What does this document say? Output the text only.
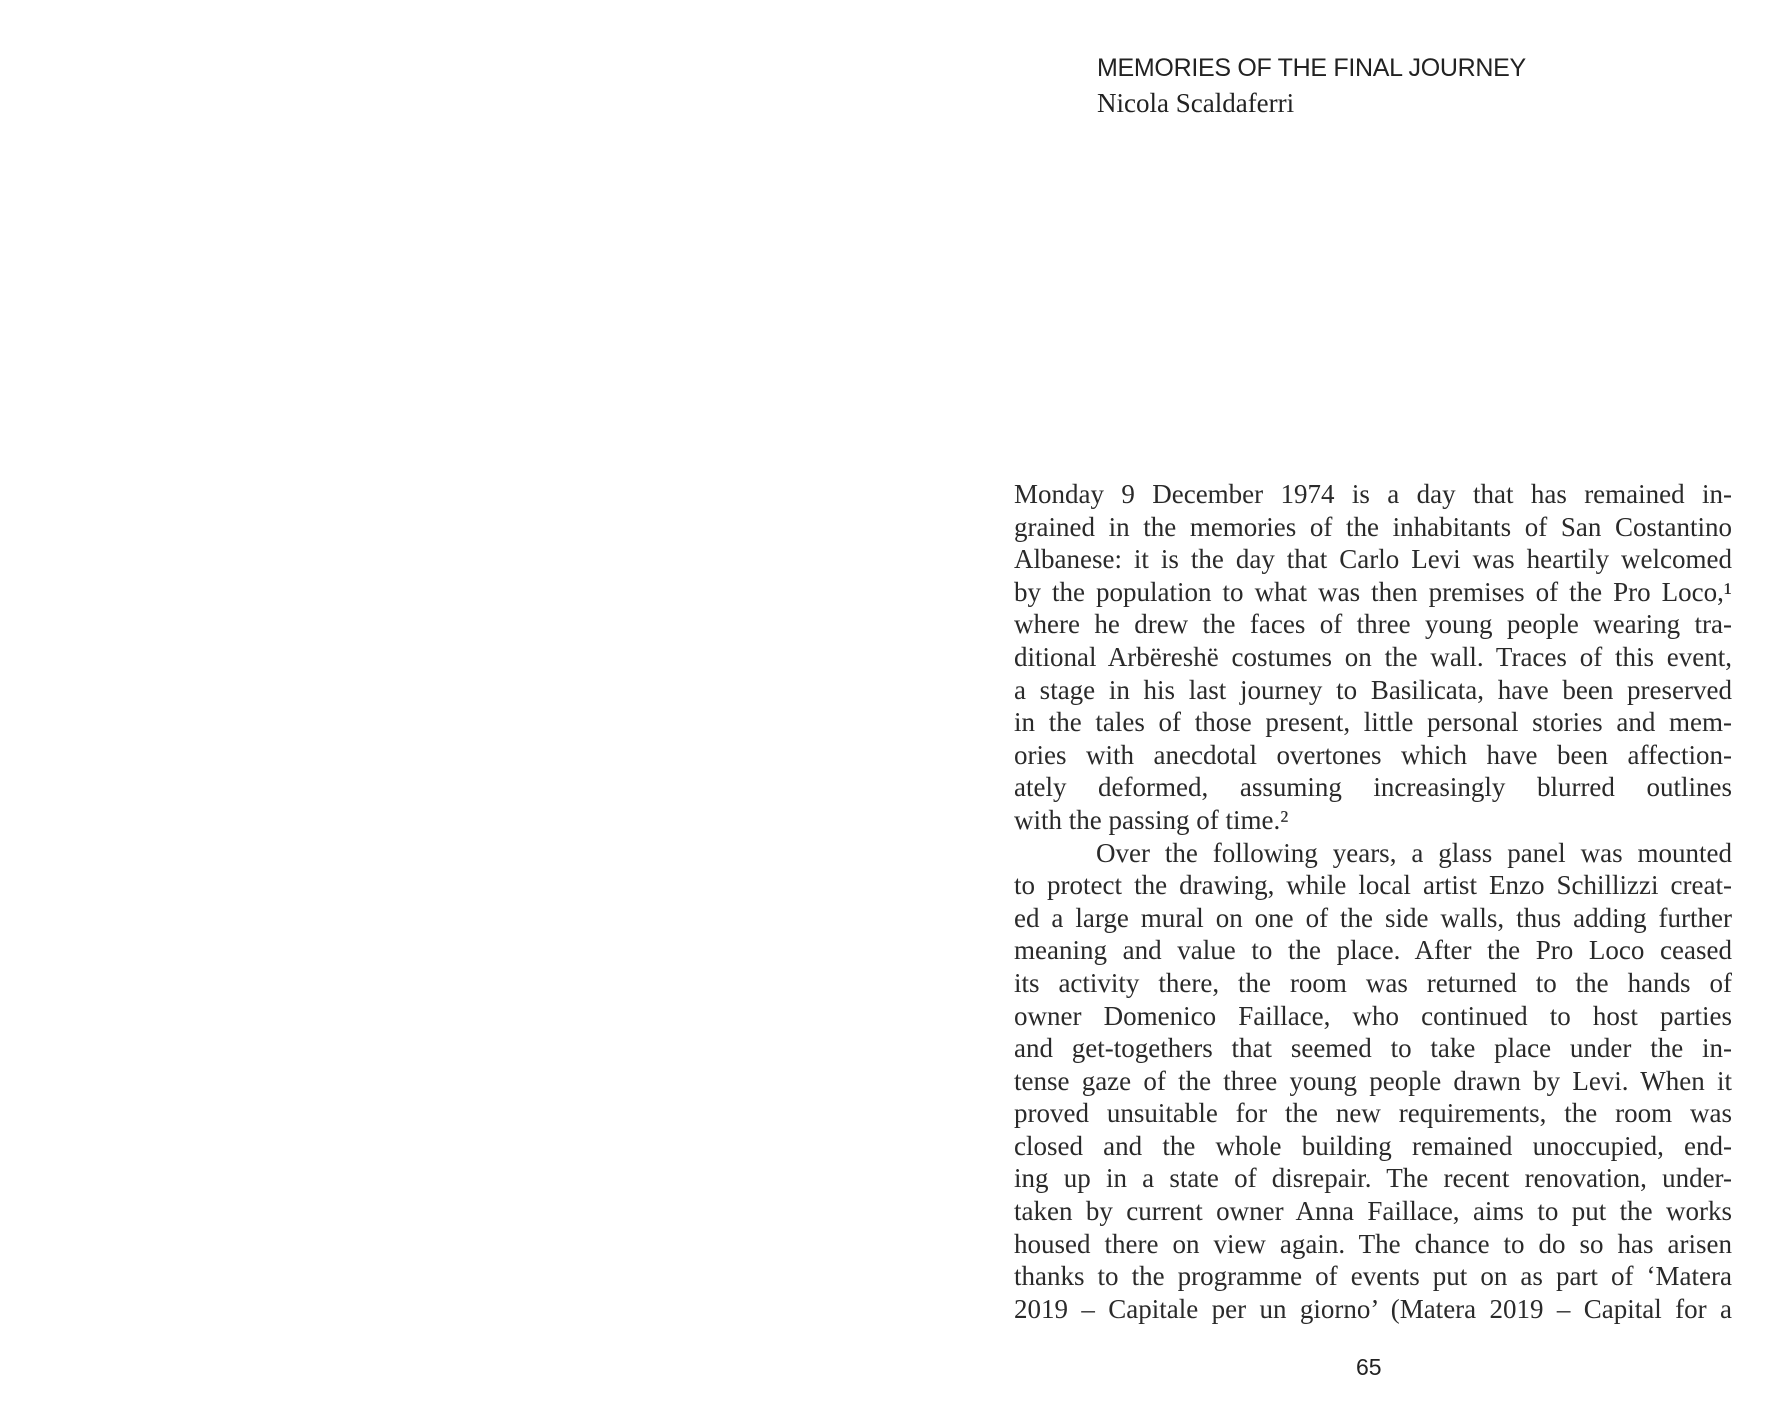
MEMORIES OF THE FINAL JOURNEY
Nicola Scaldaferri
Monday 9 December 1974 is a day that has remained in-
grained in the memories of the inhabitants of San Costantino
Albanese: it is the day that Carlo Levi was heartily welcomed
by the population to what was then premises of the Pro Loco,¹
where he drew the faces of three young people wearing tra-
ditional Arbëreshë costumes on the wall. Traces of this event,
a stage in his last journey to Basilicata, have been preserved
in the tales of those present, little personal stories and mem-
ories with anecdotal overtones which have been affection-
ately deformed, assuming increasingly blurred outlines
with the passing of time.²
Over the following years, a glass panel was mounted
to protect the drawing, while local artist Enzo Schillizzi creat-
ed a large mural on one of the side walls, thus adding further
meaning and value to the place. After the Pro Loco ceased
its activity there, the room was returned to the hands of
owner Domenico Faillace, who continued to host parties
and get-togethers that seemed to take place under the in-
tense gaze of the three young people drawn by Levi. When it
proved unsuitable for the new requirements, the room was
closed and the whole building remained unoccupied, end-
ing up in a state of disrepair. The recent renovation, under-
taken by current owner Anna Faillace, aims to put the works
housed there on view again. The chance to do so has arisen
thanks to the programme of events put on as part of ‘Matera
2019 – Capitale per un giorno’ (Matera 2019 – Capital for a
65
